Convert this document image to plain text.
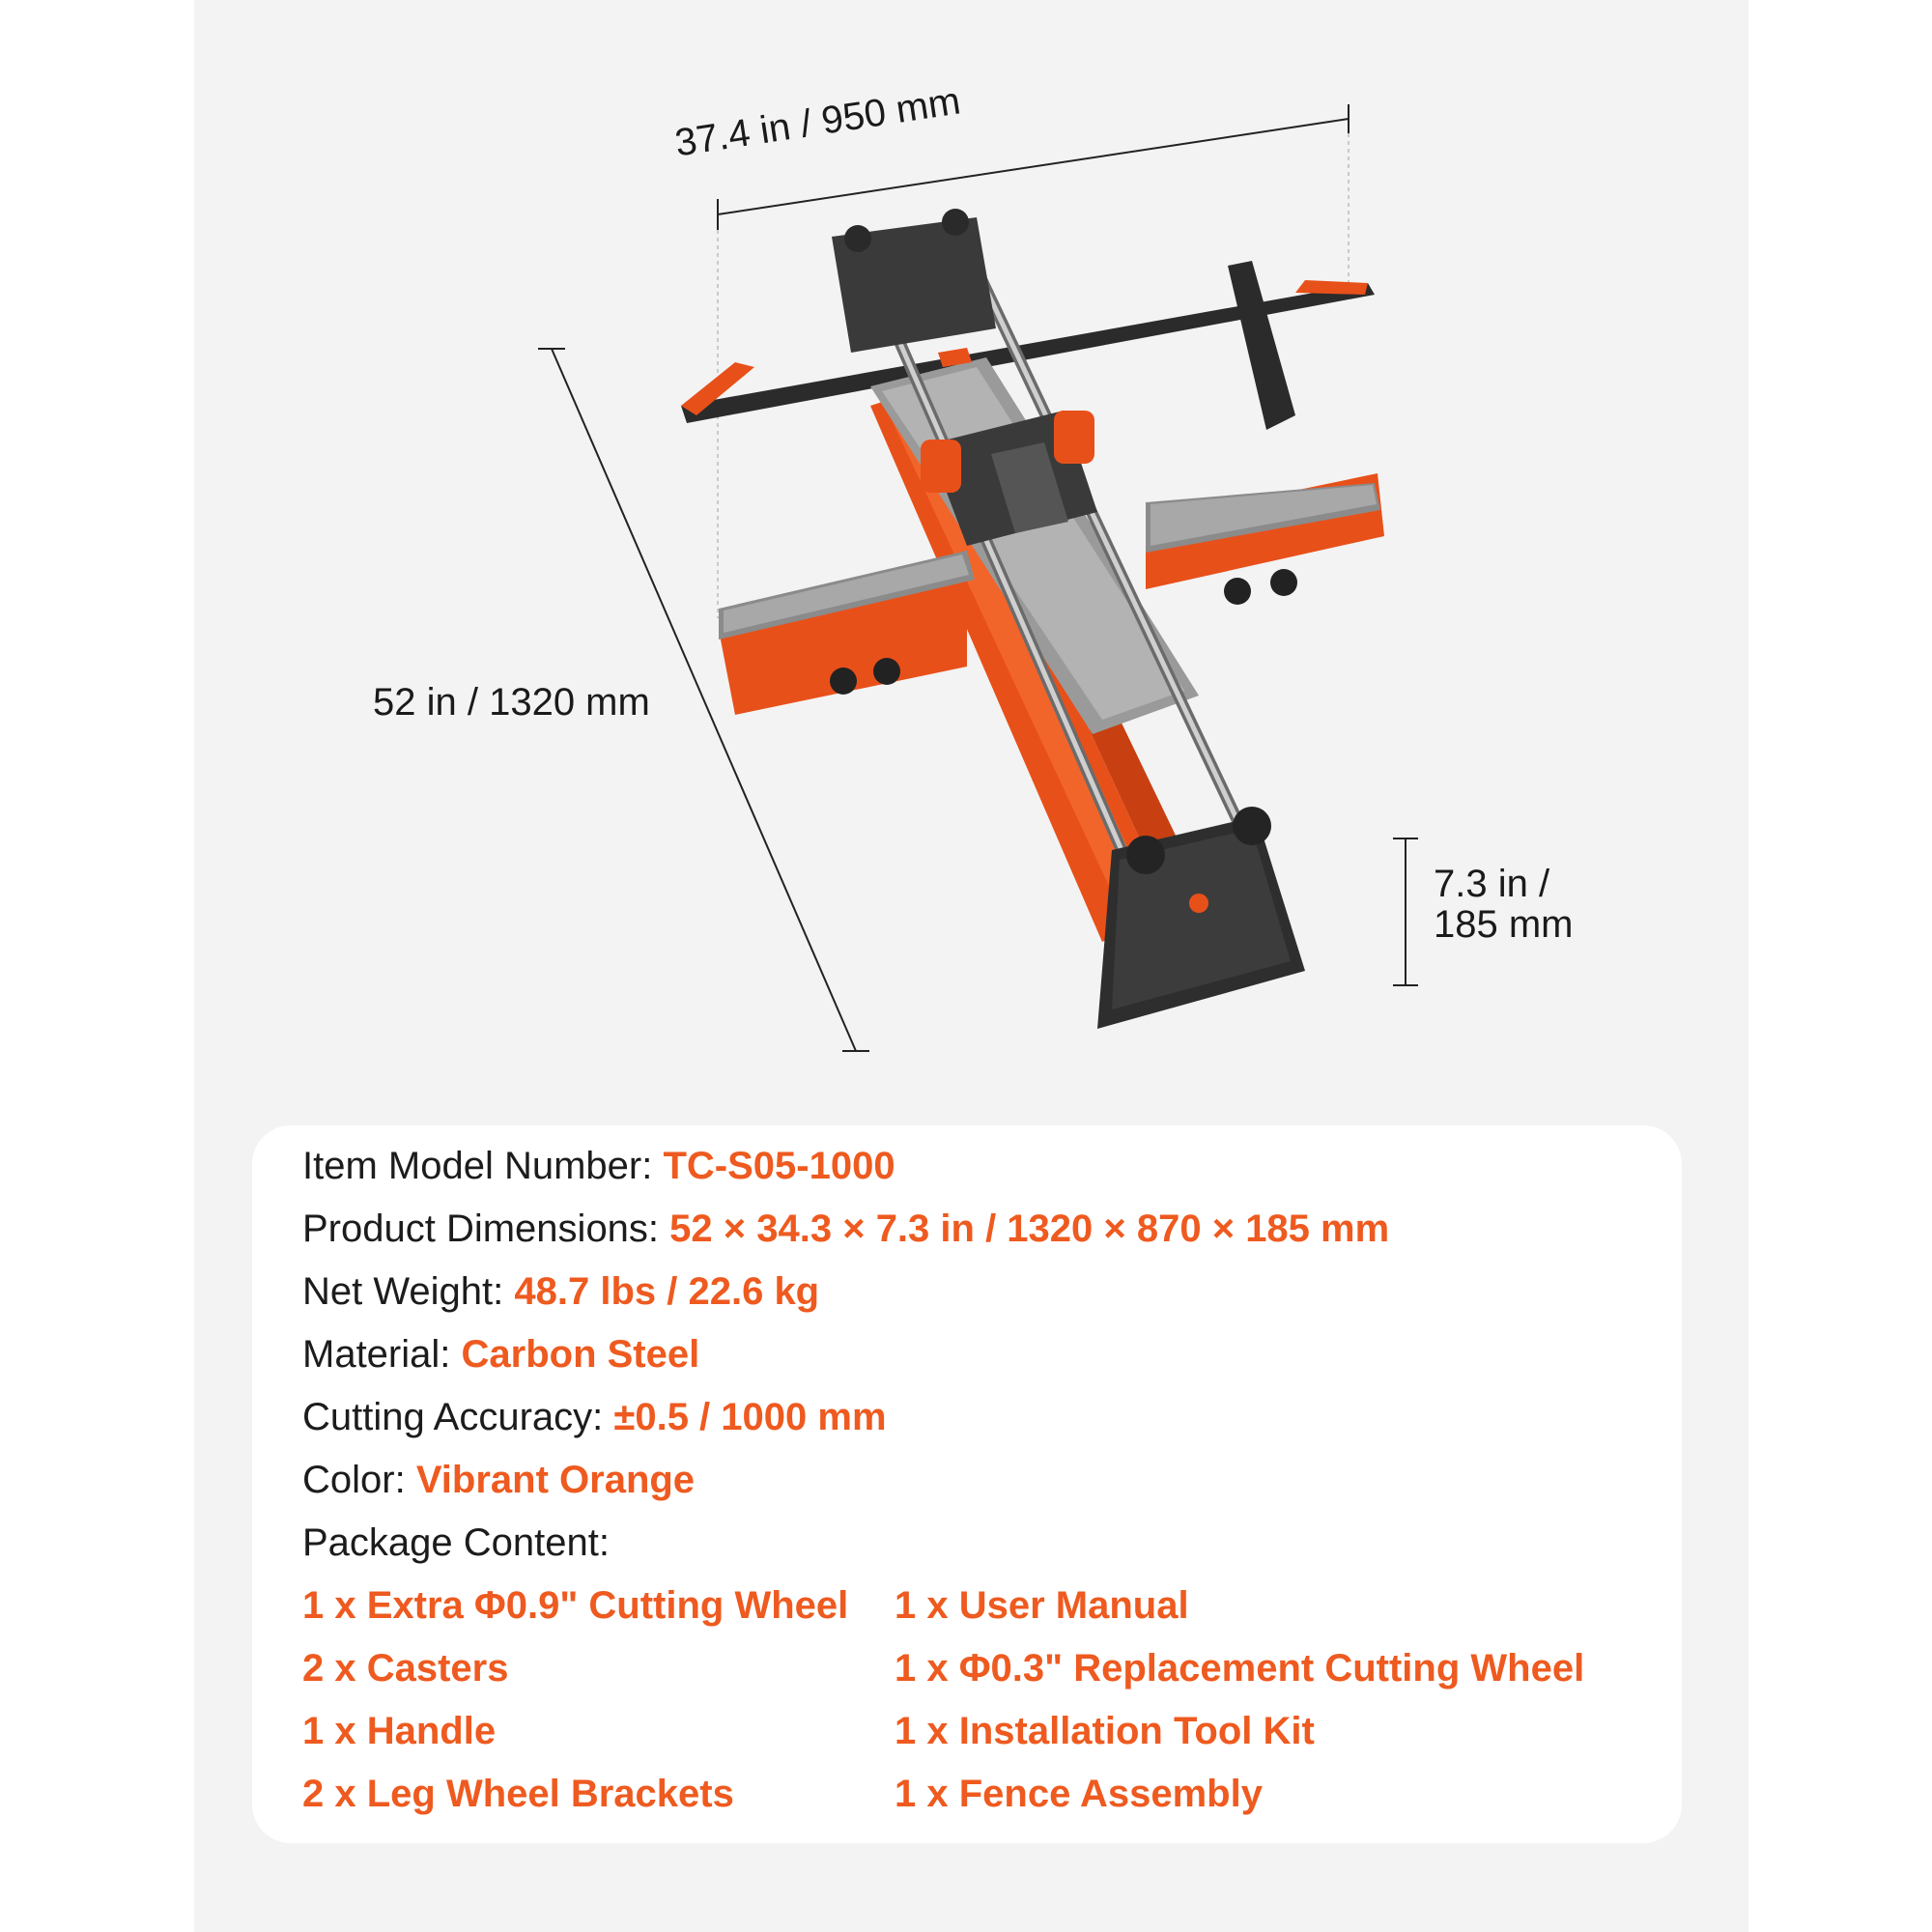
37.4 in / 950 mm
52 in / 1320 mm
7.3 in /
185 mm
Item Model Number: TC-S05-1000
Product Dimensions: 52 × 34.3 × 7.3 in / 1320 × 870 × 185 mm
Net Weight: 48.7 lbs / 22.6 kg
Material: Carbon Steel
Cutting Accuracy: ±0.5 / 1000 mm
Color: Vibrant Orange
Package Content:
1 x Extra Φ0.9" Cutting Wheel
2 x Casters
1 x Handle
2 x Leg Wheel Brackets
1 x User Manual
1 x Φ0.3" Replacement Cutting Wheel
1 x Installation Tool Kit
1 x Fence Assembly
